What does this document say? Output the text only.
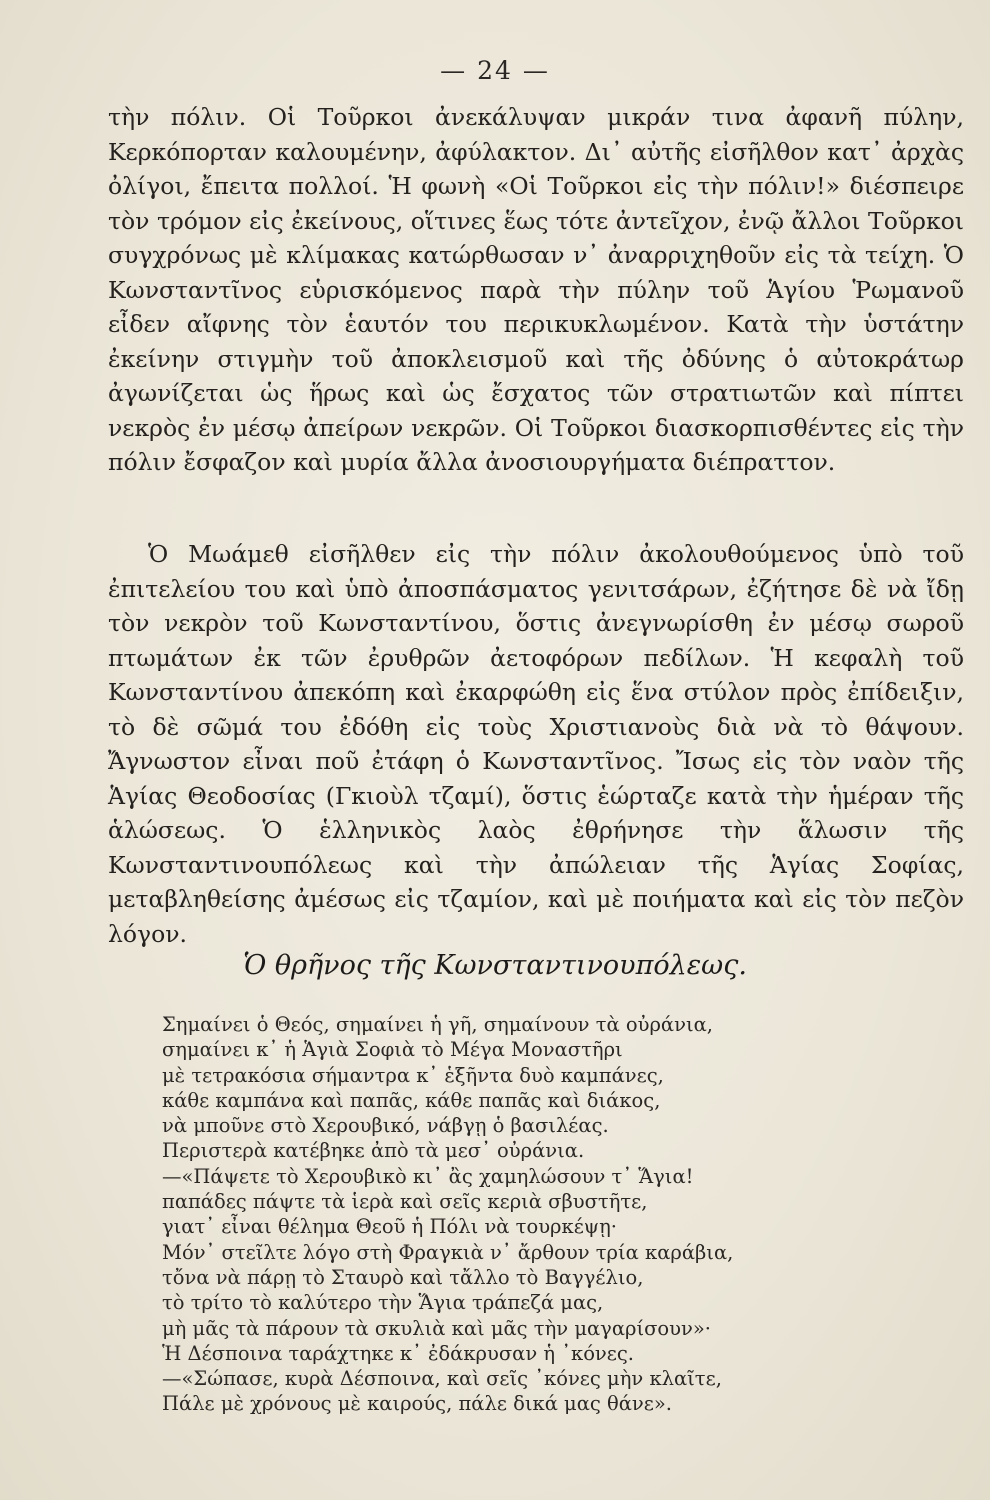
— 24 —

τὴν πόλιν. Οἱ Τοῦρκοι ἀνεκάλυψαν μικράν τινα ἀφανῆ πύλην, Κερκόπορταν καλουμένην, ἀφύλακτον. Δι᾽ αὐτῆς εἰσῆλθον κατ᾽ ἀρχὰς ὀλίγοι, ἔπειτα πολλοί. Ἡ φωνὴ «Οἱ Τοῦρκοι εἰς τὴν πόλιν!» διέσπειρε τὸν τρόμον εἰς ἐκείνους, οἵτινες ἕως τότε ἀντεῖχον, ἐνῷ ἄλλοι Τοῦρκοι συγχρόνως μὲ κλίμακας κατώρθωσαν ν᾽ ἀναρριχηθοῦν εἰς τὰ τείχη. Ὁ Κωνσταντῖνος εὑρισκόμενος παρὰ τὴν πύλην τοῦ Ἁγίου Ῥωμανοῦ εἶδεν αἴφνης τὸν ἑαυτόν του περικυκλωμένον. Κατὰ τὴν ὑστάτην ἐκείνην στιγμὴν τοῦ ἀποκλεισμοῦ καὶ τῆς ὀδύνης ὁ αὐτοκράτωρ ἀγωνίζεται ὡς ἥρως καὶ ὡς ἔσχατος τῶν στρατιωτῶν καὶ πίπτει νεκρὸς ἐν μέσῳ ἀπείρων νεκρῶν. Οἱ Τοῦρκοι διασκορπισθέντες εἰς τὴν πόλιν ἔσφαζον καὶ μυρία ἄλλα ἀνοσιουργήματα διέπραττον.

Ὁ Μωάμεθ εἰσῆλθεν εἰς τὴν πόλιν ἀκολουθούμενος ὑπὸ τοῦ ἐπιτελείου του καὶ ὑπὸ ἀποσπάσματος γενιτσάρων, ἐζήτησε δὲ νὰ ἴδῃ τὸν νεκρὸν τοῦ Κωνσταντίνου, ὅστις ἀνεγνωρίσθη ἐν μέσῳ σωροῦ πτωμάτων ἐκ τῶν ἐρυθρῶν ἀετοφόρων πεδίλων. Ἡ κεφαλὴ τοῦ Κωνσταντίνου ἀπεκόπη καὶ ἐκαρφώθη εἰς ἕνα στύλον πρὸς ἐπίδειξιν, τὸ δὲ σῶμά του ἐδόθη εἰς τοὺς Χριστιανοὺς διὰ νὰ τὸ θάψουν. Ἄγνωστον εἶναι ποῦ ἐτάφη ὁ Κωνσταντῖνος. Ἴσως εἰς τὸν ναὸν τῆς Ἁγίας Θεοδοσίας (Γκιοὺλ τζαμί), ὅστις ἑώρταζε κατὰ τὴν ἡμέραν τῆς ἁλώσεως. Ὁ ἑλληνικὸς λαὸς ἐθρήνησε τὴν ἅλωσιν τῆς Κωνσταντινουπόλεως καὶ τὴν ἀπώλειαν τῆς Ἁγίας Σοφίας, μεταβληθείσης ἀμέσως εἰς τζαμίον, καὶ μὲ ποιήματα καὶ εἰς τὸν πεζὸν λόγον.

Ὁ θρῆνος τῆς Κωνσταντινουπόλεως.
Σημαίνει ὁ Θεός, σημαίνει ἡ γῆ, σημαίνουν τὰ οὐράνια,
σημαίνει κ᾽ ἡ Ἁγιὰ Σοφιὰ τὸ Μέγα Μοναστῆρι
μὲ τετρακόσια σήμαντρα κ᾽ ἑξῆντα δυὸ καμπάνες,
κάθε καμπάνα καὶ παπᾶς, κάθε παπᾶς καὶ διάκος,
νὰ μποῦνε στὸ Χερουβικό, νάβγῃ ὁ βασιλέας.
Περιστερὰ κατέβηκε ἀπὸ τὰ μεσ᾽ οὐράνια.
—«Πάψετε τὸ Χερουβικὸ κι᾽ ἂς χαμηλώσουν τ᾽ Ἅγια!
παπάδες πάψτε τὰ ἱερὰ καὶ σεῖς κεριὰ σβυστῆτε,
γιατ᾽ εἶναι θέλημα Θεοῦ ἡ Πόλι νὰ τουρκέψῃ·
Μόν᾽ στεῖλτε λόγο στὴ Φραγκιὰ ν᾽ ἄρθουν τρία καράβια,
τὄνα νὰ πάρῃ τὸ Σταυρὸ καὶ τἄλλο τὸ Βαγγέλιο,
τὸ τρίτο τὸ καλύτερο τὴν Ἅγια τράπεζά μας,
μὴ μᾶς τὰ πάρουν τὰ σκυλιὰ καὶ μᾶς τὴν μαγαρίσουν»·
Ἡ Δέσποινα ταράχτηκε κ᾽ ἐδάκρυσαν ἡ ᾽κόνες.
—«Σώπασε, κυρὰ Δέσποινα, καὶ σεῖς ᾽κόνες μὴν κλαῖτε,
Πάλε μὲ χρόνους μὲ καιρούς, πάλε δικά μας θάνε».
